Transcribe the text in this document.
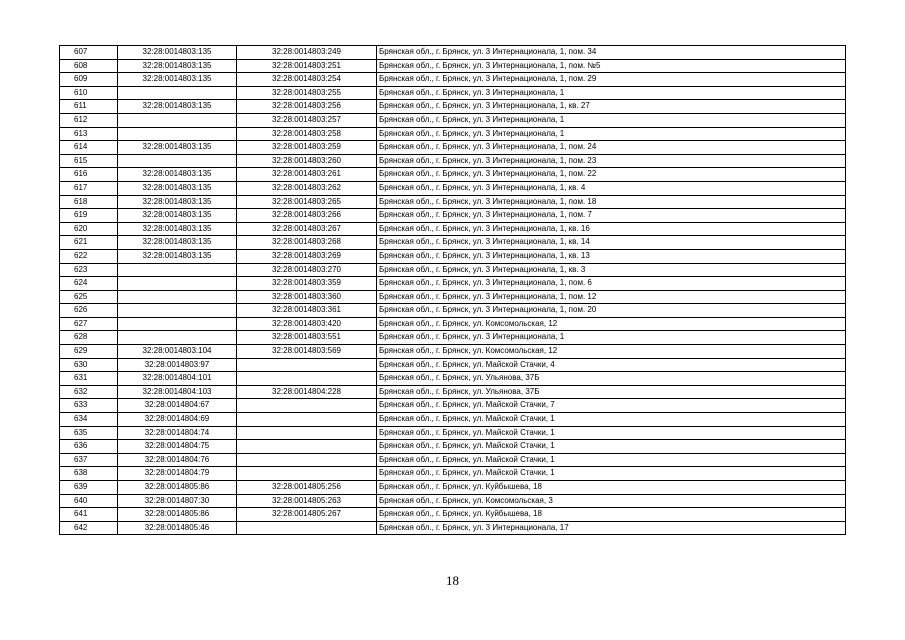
607	32:28:0014803:135	32:28:0014803:249	Брянская обл., г. Брянск, ул. 3 Интернационала, 1, пом. 34
608	32:28:0014803:135	32:28:0014803:251	Брянская обл., г. Брянск, ул. 3 Интернационала, 1, пом. №5
609	32:28:0014803:135	32:28:0014803:254	Брянская обл., г. Брянск, ул. 3 Интернационала, 1, пом. 29
610		32:28:0014803:255	Брянская обл., г. Брянск, ул. 3 Интернационала, 1
611	32:28:0014803:135	32:28:0014803:256	Брянская обл., г. Брянск, ул. 3 Интернационала, 1, кв. 27
612		32:28:0014803:257	Брянская обл., г. Брянск, ул. 3 Интернационала, 1
613		32:28:0014803:258	Брянская обл., г. Брянск, ул. 3 Интернационала, 1
614	32:28:0014803:135	32:28:0014803:259	Брянская обл., г. Брянск, ул. 3 Интернационала, 1, пом. 24
615		32:28:0014803:260	Брянская обл., г. Брянск, ул. 3 Интернационала, 1, пом. 23
616	32:28:0014803:135	32:28:0014803:261	Брянская обл., г. Брянск, ул. 3 Интернационала, 1, пом. 22
617	32:28:0014803:135	32:28:0014803:262	Брянская обл., г. Брянск, ул. 3 Интернационала, 1, кв. 4
618	32:28:0014803:135	32:28:0014803:265	Брянская обл., г. Брянск, ул. 3 Интернационала, 1, пом. 18
619	32:28:0014803:135	32:28:0014803:266	Брянская обл., г. Брянск, ул. 3 Интернационала, 1, пом. 7
620	32:28:0014803:135	32:28:0014803:267	Брянская обл., г. Брянск, ул. 3 Интернационала, 1, кв. 16
621	32:28:0014803:135	32:28:0014803:268	Брянская обл., г. Брянск, ул. 3 Интернационала, 1, кв. 14
622	32:28:0014803:135	32:28:0014803:269	Брянская обл., г. Брянск, ул. 3 Интернационала, 1, кв. 13
623		32:28:0014803:270	Брянская обл., г. Брянск, ул. 3 Интернационала, 1, кв. 3
624		32:28:0014803:359	Брянская обл., г. Брянск, ул. 3 Интернационала, 1, пом. 6
625		32:28:0014803:360	Брянская обл., г. Брянск, ул. 3 Интернационала, 1, пом. 12
626		32:28:0014803:361	Брянская обл., г. Брянск, ул. 3 Интернационала, 1, пом. 20
627		32:28:0014803:420	Брянская обл., г. Брянск, ул. Комсомольская, 12
628		32:28:0014803:551	Брянская обл., г. Брянск, ул. 3 Интернационала, 1
629	32:28:0014803:104	32:28:0014803:569	Брянская обл., г. Брянск, ул. Комсомольская, 12
630	32:28:0014803:97		Брянская обл., г. Брянск, ул. Майской Стачки, 4
631	32:28:0014804:101		Брянская обл., г. Брянск, ул. Ульянова, 37Б
632	32:28:0014804:103	32:28:0014804:228	Брянская обл., г. Брянск, ул. Ульянова, 37Б
633	32:28:0014804:67		Брянская обл., г. Брянск, ул. Майской Стачки, 7
634	32:28:0014804:69		Брянская обл., г. Брянск, ул. Майской Стачки, 1
635	32:28:0014804:74		Брянская обл., г. Брянск, ул. Майской Стачки, 1
636	32:28:0014804:75		Брянская обл., г. Брянск, ул. Майской Стачки, 1
637	32:28:0014804:76		Брянская обл., г. Брянск, ул. Майской Стачки, 1
638	32:28:0014804:79		Брянская обл., г. Брянск, ул. Майской Стачки, 1
639	32:28:0014805:86	32:28:0014805:256	Брянская обл., г. Брянск, ул. Куйбышева, 18
640	32:28:0014807:30	32:28:0014805:263	Брянская обл., г. Брянск, ул. Комсомольская, 3
641	32:28:0014805:86	32:28:0014805:267	Брянская обл., г. Брянск, ул. Куйбышева, 18
642	32:28:0014805:46		Брянская обл., г. Брянск, ул. 3 Интернационала, 17
18
